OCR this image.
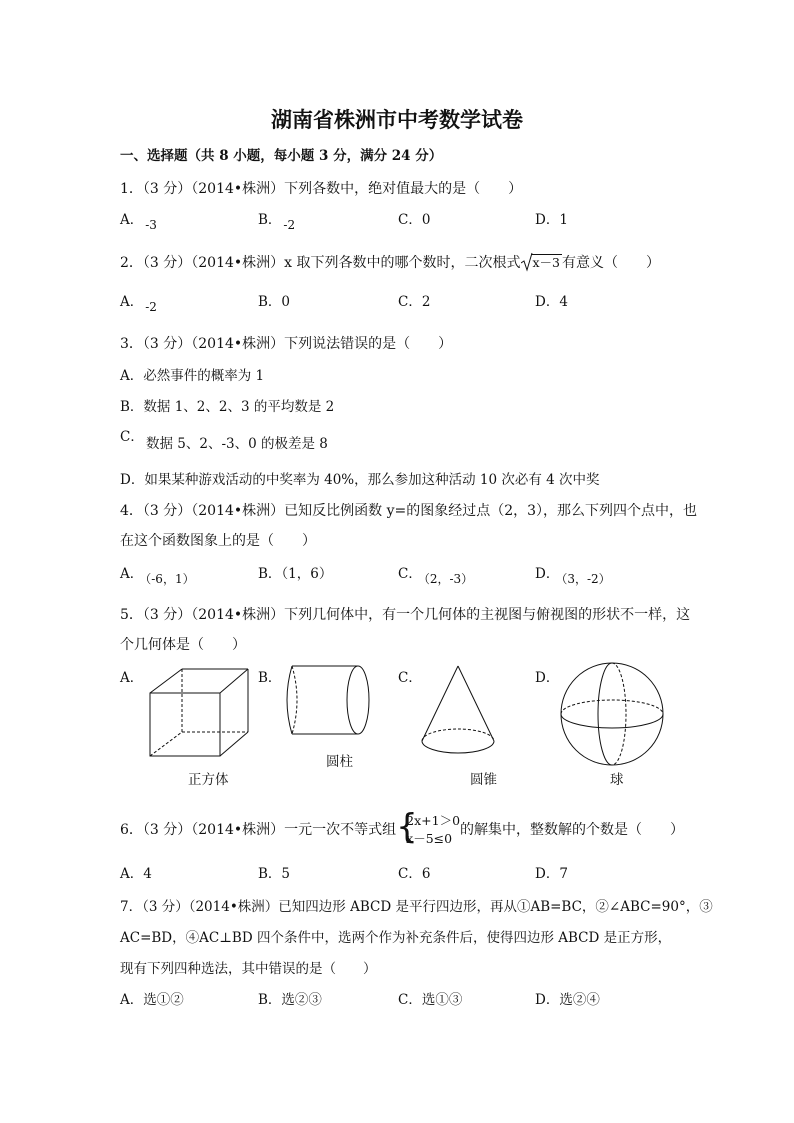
湖南省株洲市中考数学试卷
一、选择题（共 8 小题，每小题 3 分，满分 24 分）
1．（3 分）（2014•株洲）下列各数中，绝对值最大的是（　　）
A． -3	B． -2	C．0	D．1
2．（3 分）（2014•株洲）x 取下列各数中的哪个数时，二次根式 x－3 有意义（　　）
A． -2	B．0	C．2	D．4
3．（3 分）（2014•株洲）下列说法错误的是（　　）
A．必然事件的概率为 1
B．数据 1、2、2、3 的平均数是 2
C． 数据 5、2、-3、0 的极差是 8
D．如果某种游戏活动的中奖率为 40%，那么参加这种活动 10 次必有 4 次中奖
4．（3 分）（2014•株洲）已知反比例函数 y=的图象经过点（2，3），那么下列四个点中，也
在这个函数图象上的是（　　）
A． （-6，1）	B．（1，6）	C． （2，-3）	D． （3，-2）
5．（3 分）（2014•株洲）下列几何体中，有一个几何体的主视图与俯视图的形状不一样，这
个几何体是（　　）
A．	B．	C．	D．
正方体
圆柱
圆锥	球
6．（3 分）（2014•株洲）一元一次不等式组 {
2x+1＞0
x－5≤0
的解集中，整数解的个数是（　　）
A．4	B．5	C．6	D．7
7．（3 分）（2014•株洲）已知四边形 ABCD 是平行四边形，再从①AB=BC，②∠ABC=90°，③
AC=BD，④AC⊥BD 四个条件中，选两个作为补充条件后，使得四边形 ABCD 是正方形，
现有下列四种选法，其中错误的是（　　）
A．选①②	B．选②③	C．选①③	D．选②④
